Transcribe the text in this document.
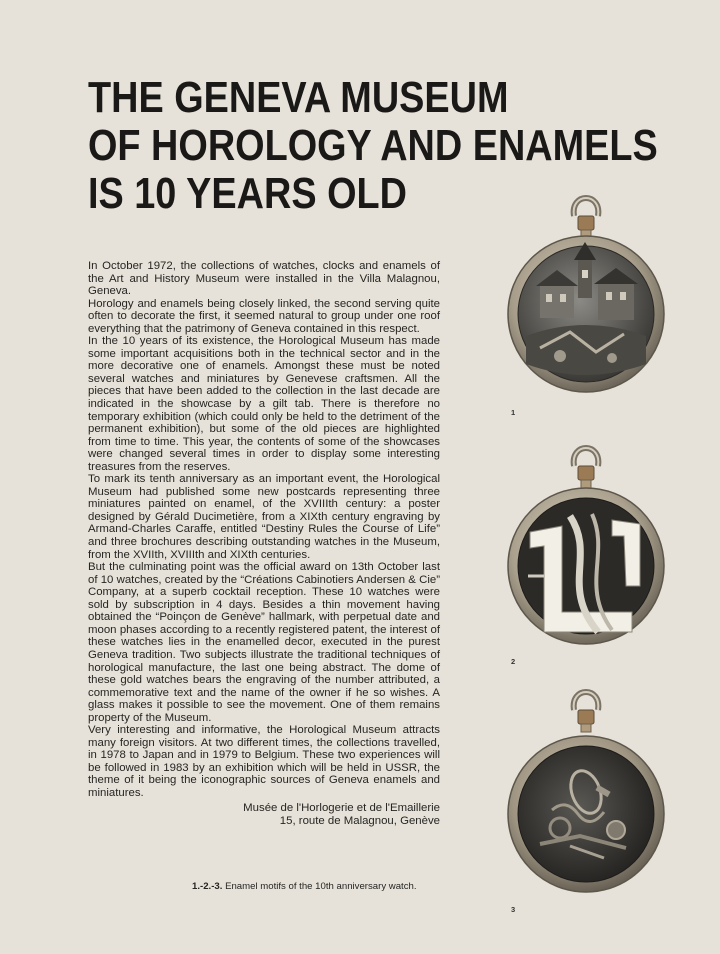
THE GENEVA MUSEUM
OF HOROLOGY AND ENAMELS
IS 10 YEARS OLD

In October 1972, the collections of watches, clocks and enamels of the Art and History Museum were installed in the Villa Malagnou, Geneva.

Horology and enamels being closely linked, the second serving quite often to decorate the first, it seemed natural to group under one roof everything that the patrimony of Geneva contained in this respect.

In the 10 years of its existence, the Horological Museum has made some important acquisitions both in the technical sector and in the more decorative one of enamels. Amongst these must be noted several watches and miniatures by Genevese craftsmen. All the pieces that have been added to the collection in the last decade are indicated in the showcase by a gilt tab. There is therefore no temporary exhibition (which could only be held to the detriment of the permanent exhibition), but some of the old pieces are highlighted from time to time. This year, the contents of some of the showcases were changed several times in order to display some interesting treasures from the reserves.

To mark its tenth anniversary as an important event, the Horological Museum had published some new postcards representing three miniatures painted on enamel, of the XVIIIth century: a poster designed by Gérald Ducimetière, from a XIXth century engraving by Armand-Charles Caraffe, entitled “Destiny Rules the Course of Life” and three brochures describing outstanding watches in the Museum, from the XVIIth, XVIIIth and XIXth centuries.

But the culminating point was the official award on 13th October last of 10 watches, created by the “Créations Cabinotiers Andersen & Cie” Company, at a superb cocktail reception. These 10 watches were sold by subscription in 4 days. Besides a thin movement having obtained the “Poinçon de Genève” hallmark, with perpetual date and moon phases according to a recently registered patent, the interest of these watches lies in the enamelled decor, executed in the purest Geneva tradition. Two subjects illustrate the traditional techniques of horological manufacture, the last one being abstract. The dome of these gold watches bears the engraving of the number attributed, a commemorative text and the name of the owner if he so wishes. A glass makes it possible to see the movement. One of them remains property of the Museum.

Very interesting and informative, the Horological Museum attracts many foreign visitors. At two different times, the collections travelled, in 1978 to Japan and in 1979 to Belgium. These two experiences will be followed in 1983 by an exhibition which will be held in USSR, the theme of it being the iconographic sources of Geneva enamels and miniatures.

Musée de l'Horlogerie et de l'Emaillerie
15, route de Malagnou, Genève
1.-2.-3. Enamel motifs of the 10th anniversary watch.
1
2
3
